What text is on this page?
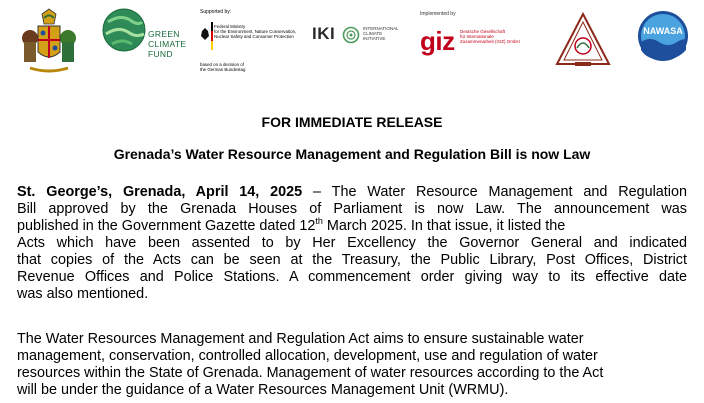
GREEN
CLIMATE
FUND
Supported by:
Federal Ministry
for the Environment, Nature Conservation,
Nuclear Safety and Consumer Protection
based on a decision of
the German Bundestag
IKI	INTERNATIONAL
CLIMATE
INITIATIVE
Implemented by
giz Deutsche Gesellschaft
für Internationale
Zusammenarbeit (GIZ) GmbH
NAWASA
FOR IMMEDIATE RELEASE
Grenada’s Water Resource Management and Regulation Bill is now Law
St. George’s, Grenada, April 14, 2025 – The Water Resource Management and Regulation
Bill approved by the Grenada Houses of Parliament is now Law. The announcement was
published in the Government Gazette dated 12th March 2025. In that issue, it listed the
Acts which have been assented to by Her Excellency the Governor General and indicated
that copies of the Acts can be seen at the Treasury, the Public Library, Post Offices, District
Revenue Offices and Police Stations. A commencement order giving way to its effective date
was also mentioned.
The Water Resources Management and Regulation Act aims to ensure sustainable water
management, conservation, controlled allocation, development, use and regulation of water
resources within the State of Grenada. Management of water resources according to the Act
will be under the guidance of a Water Resources Management Unit (WRMU).
